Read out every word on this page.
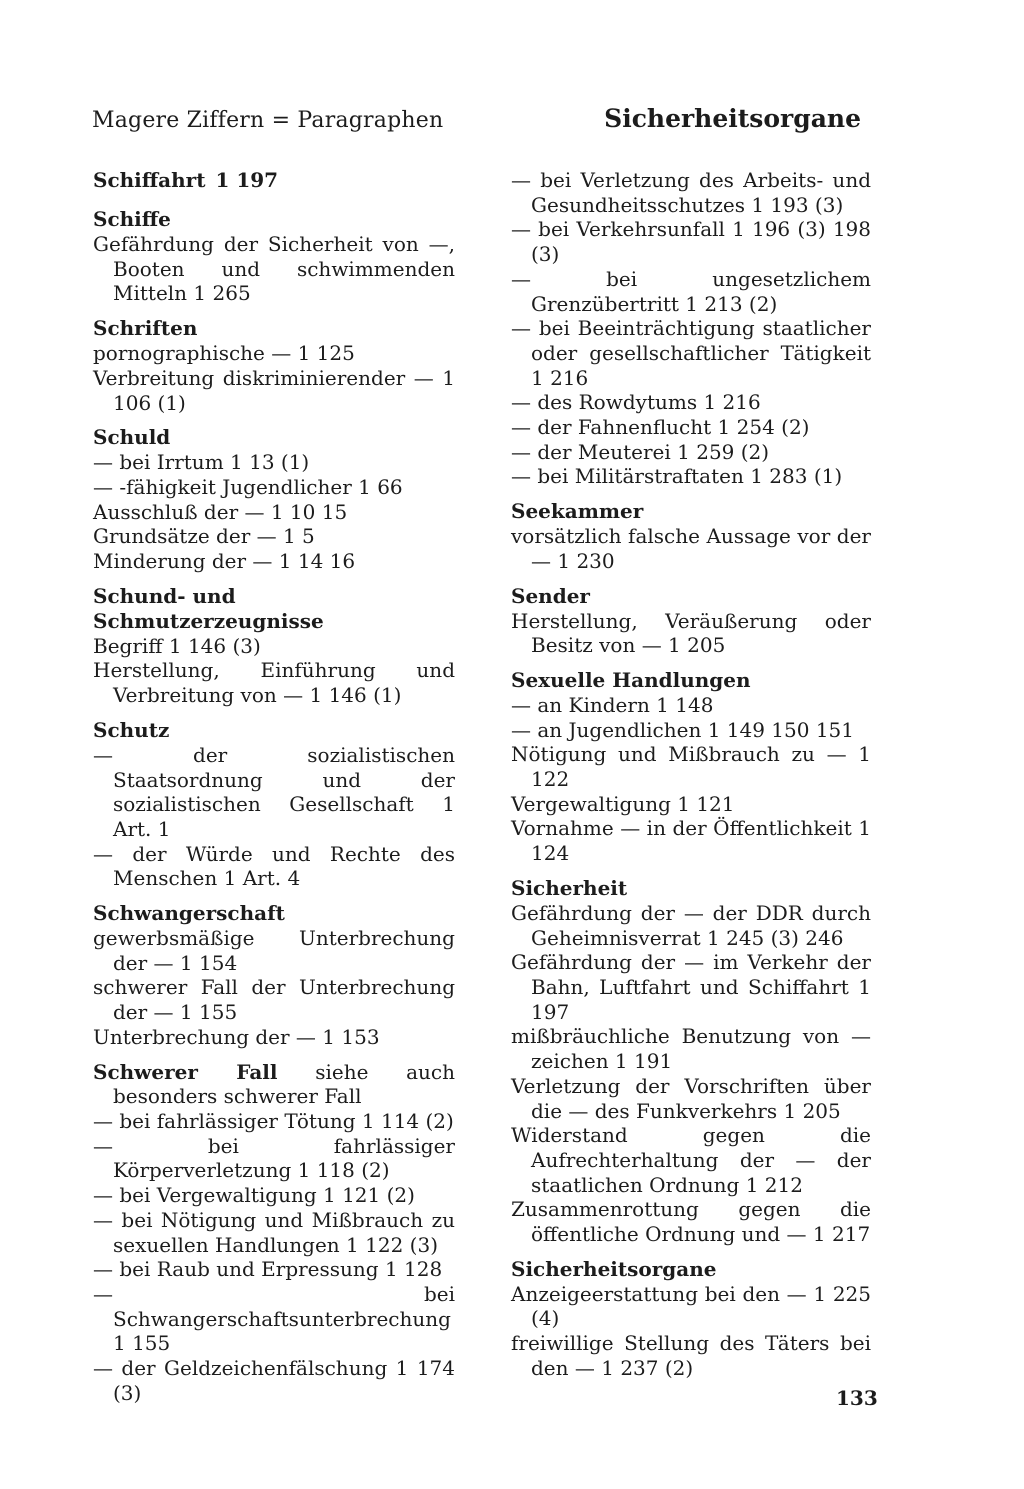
Magere Ziffern = Paragraphen	Sicherheitsorgane
Schiffahrt  1 197
Schiffe
Gefährdung der Sicherheit von —, Booten und schwimmenden Mitteln 1 265
Schriften
pornographische — 1 125
Verbreitung diskriminierender — 1 106 (1)
Schuld
— bei Irrtum 1 13 (1)
— -fähigkeit Jugendlicher 1 66
Ausschluß der — 1 10 15
Grundsätze der — 1 5
Minderung der — 1 14 16
Schund- und Schmutzerzeugnisse
Begriff 1 146 (3)
Herstellung, Einführung und Verbreitung von — 1 146 (1)
Schutz
— der sozialistischen Staatsordnung und der sozialistischen Gesellschaft 1 Art. 1
— der Würde und Rechte des Menschen 1 Art. 4
Schwangerschaft
gewerbsmäßige Unterbrechung der — 1 154
schwerer Fall der Unterbrechung der — 1 155
Unterbrechung der — 1 153
Schwerer Fall siehe auch besonders schwerer Fall
— bei fahrlässiger Tötung 1 114 (2)
— bei fahrlässiger Körperverletzung 1 118 (2)
— bei Vergewaltigung 1 121 (2)
— bei Nötigung und Mißbrauch zu sexuellen Handlungen 1 122 (3)
— bei Raub und Erpressung 1 128
— bei Schwangerschaftsunterbrechung 1 155
— der Geldzeichenfälschung 1 174 (3)
— bei Verletzung des Arbeits- und Gesundheitsschutzes 1 193 (3)
— bei Verkehrsunfall 1 196 (3) 198 (3)
— bei ungesetzlichem Grenzübertritt 1 213 (2)
— bei Beeinträchtigung staatlicher oder gesellschaftlicher Tätigkeit 1 216
— des Rowdytums 1 216
— der Fahnenflucht 1 254 (2)
— der Meuterei 1 259 (2)
— bei Militärstraftaten 1 283 (1)
Seekammer
vorsätzlich falsche Aussage vor der — 1 230
Sender
Herstellung, Veräußerung oder Besitz von — 1 205
Sexuelle Handlungen
— an Kindern 1 148
— an Jugendlichen 1 149 150 151
Nötigung und Mißbrauch zu — 1 122
Vergewaltigung 1 121
Vornahme — in der Öffentlichkeit 1 124
Sicherheit
Gefährdung der — der DDR durch Geheimnisverrat 1 245 (3) 246
Gefährdung der — im Verkehr der Bahn, Luftfahrt und Schiffahrt 1 197
mißbräuchliche Benutzung von —zeichen 1 191
Verletzung der Vorschriften über die — des Funkverkehrs 1 205
Widerstand gegen die Aufrechterhaltung der — der staatlichen Ordnung 1 212
Zusammenrottung gegen die öffentliche Ordnung und — 1 217
Sicherheitsorgane
Anzeigeerstattung bei den — 1 225 (4)
freiwillige Stellung des Täters bei den — 1 237 (2)
133
